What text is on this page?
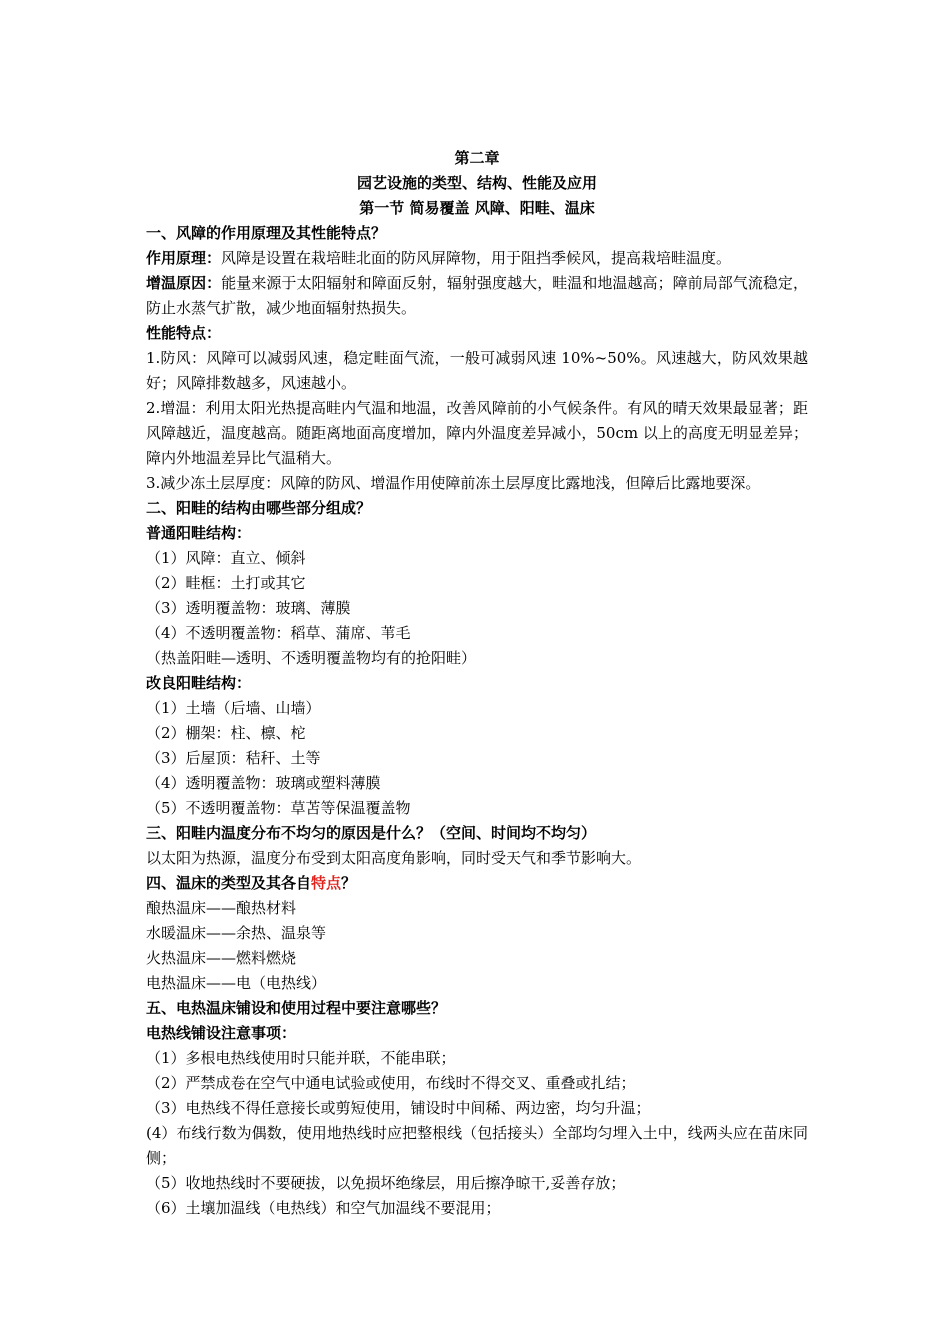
第二章

园艺设施的类型、结构、性能及应用

第一节 简易覆盖 风障、阳畦、温床

一、风障的作用原理及其性能特点？

作用原理：风障是设置在栽培畦北面的防风屏障物，用于阻挡季候风，提高栽培畦温度。

增温原因：能量来源于太阳辐射和障面反射，辐射强度越大，畦温和地温越高；障前局部气流稳定，防止水蒸气扩散，减少地面辐射热损失。

性能特点：

1.防风：风障可以减弱风速，稳定畦面气流，一般可减弱风速 10%~50%。风速越大，防风效果越好；风障排数越多，风速越小。

2.增温：利用太阳光热提高畦内气温和地温，改善风障前的小气候条件。有风的晴天效果最显著；距风障越近，温度越高。随距离地面高度增加，障内外温度差异减小，50cm 以上的高度无明显差异；障内外地温差异比气温稍大。

3.减少冻土层厚度：风障的防风、增温作用使障前冻土层厚度比露地浅，但障后比露地要深。

二、阳畦的结构由哪些部分组成？

普通阳畦结构：

（1）风障：直立、倾斜

（2）畦框：土打或其它

（3）透明覆盖物：玻璃、薄膜

（4）不透明覆盖物：稻草、蒲席、苇毛

（热盖阳畦—透明、不透明覆盖物均有的抢阳畦）

改良阳畦结构：

（1）土墙（后墙、山墙）

（2）棚架：柱、檩、柁

（3）后屋顶：秸秆、土等

（4）透明覆盖物：玻璃或塑料薄膜

（5）不透明覆盖物：草苫等保温覆盖物

三、阳畦内温度分布不均匀的原因是什么？（空间、时间均不均匀）

以太阳为热源，温度分布受到太阳高度角影响，同时受天气和季节影响大。

四、温床的类型及其各自特点？

酿热温床——酿热材料

水暖温床——余热、温泉等

火热温床——燃料燃烧

电热温床——电（电热线）

五、电热温床铺设和使用过程中要注意哪些？

电热线铺设注意事项：

（1）多根电热线使用时只能并联，不能串联；

（2）严禁成卷在空气中通电试验或使用，布线时不得交叉、重叠或扎结；

（3）电热线不得任意接长或剪短使用，铺设时中间稀、两边密，均匀升温；

(4）布线行数为偶数，使用地热线时应把整根线（包括接头）全部均匀埋入土中，线两头应在苗床同侧；

（5）收地热线时不要硬拔，以免损坏绝缘层，用后擦净晾干,妥善存放；

（6）土壤加温线（电热线）和空气加温线不要混用；
